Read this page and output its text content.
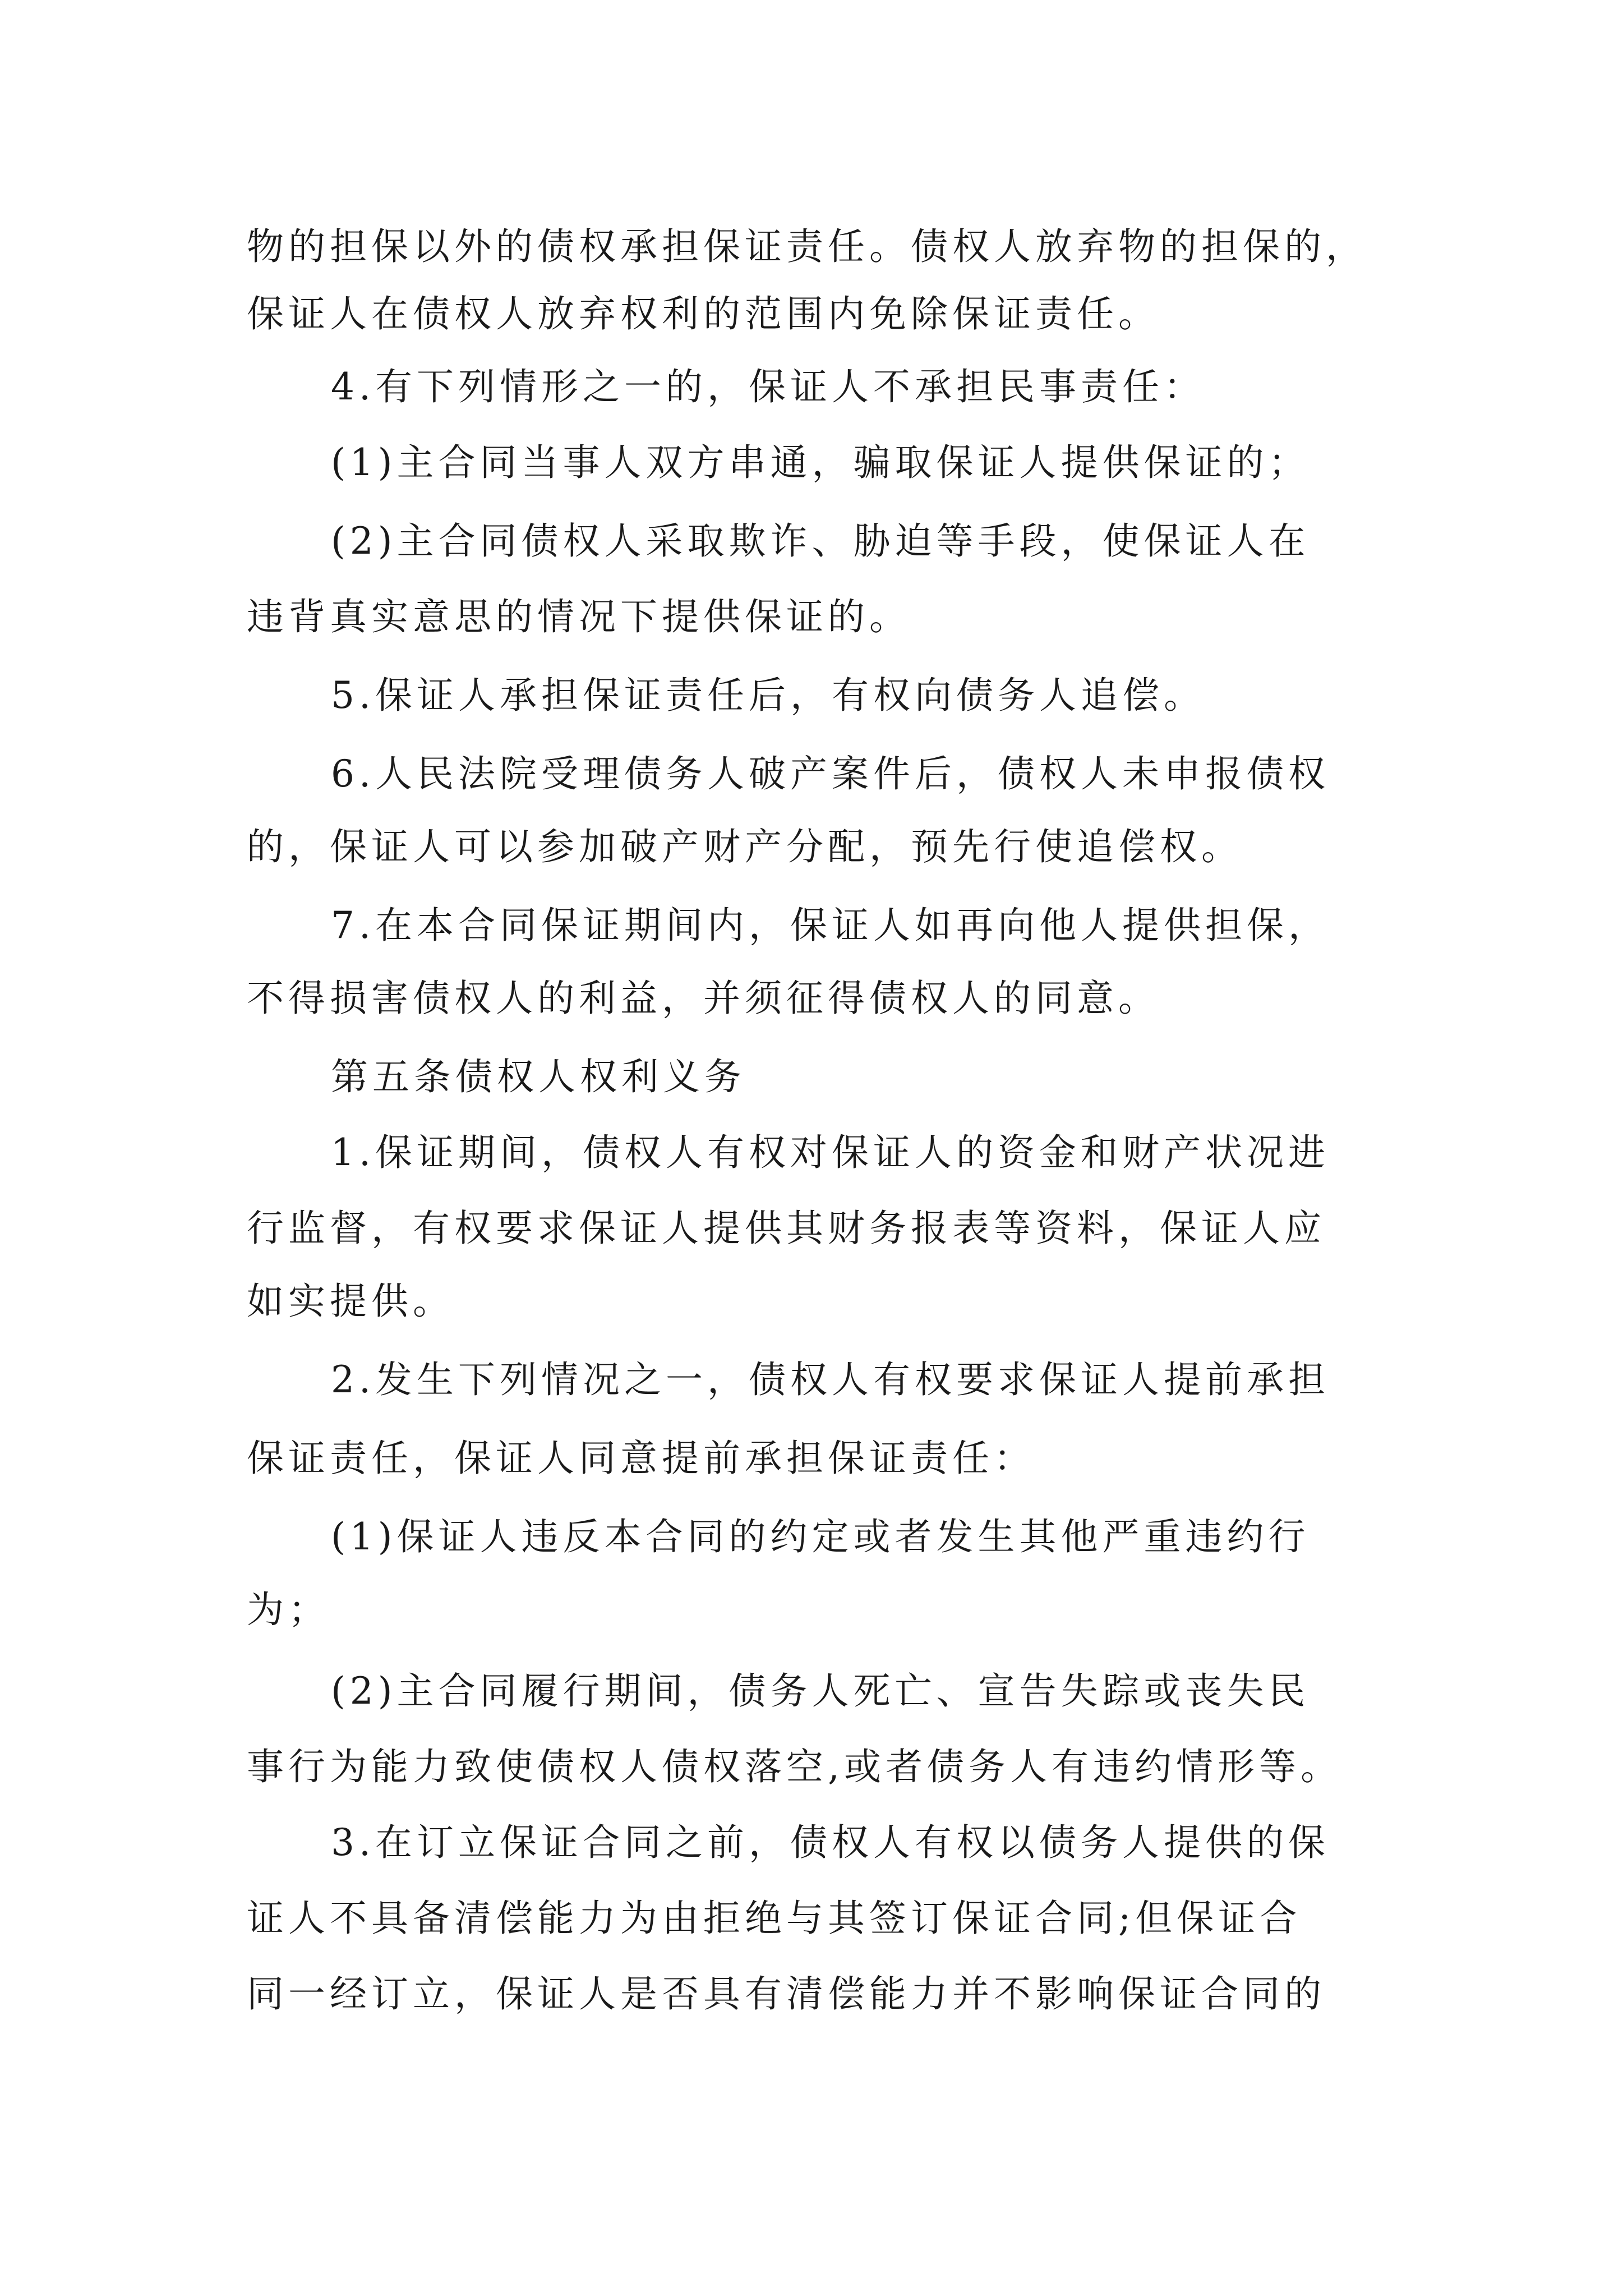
物的担保以外的债权承担保证责任。债权人放弃物的担保的，
保证人在债权人放弃权利的范围内免除保证责任。
4.有下列情形之一的，保证人不承担民事责任：
(1)主合同当事人双方串通，骗取保证人提供保证的；
(2)主合同债权人采取欺诈、胁迫等手段，使保证人在
违背真实意思的情况下提供保证的。
5.保证人承担保证责任后，有权向债务人追偿。
6.人民法院受理债务人破产案件后，债权人未申报债权
的，保证人可以参加破产财产分配，预先行使追偿权。
7.在本合同保证期间内，保证人如再向他人提供担保，
不得损害债权人的利益，并须征得债权人的同意。
第五条债权人权利义务
1.保证期间，债权人有权对保证人的资金和财产状况进
行监督，有权要求保证人提供其财务报表等资料，保证人应
如实提供。
2.发生下列情况之一，债权人有权要求保证人提前承担
保证责任，保证人同意提前承担保证责任：
(1)保证人违反本合同的约定或者发生其他严重违约行
为；
(2)主合同履行期间，债务人死亡、宣告失踪或丧失民
事行为能力致使债权人债权落空,或者债务人有违约情形等。
3.在订立保证合同之前，债权人有权以债务人提供的保
证人不具备清偿能力为由拒绝与其签订保证合同;但保证合
同一经订立，保证人是否具有清偿能力并不影响保证合同的
